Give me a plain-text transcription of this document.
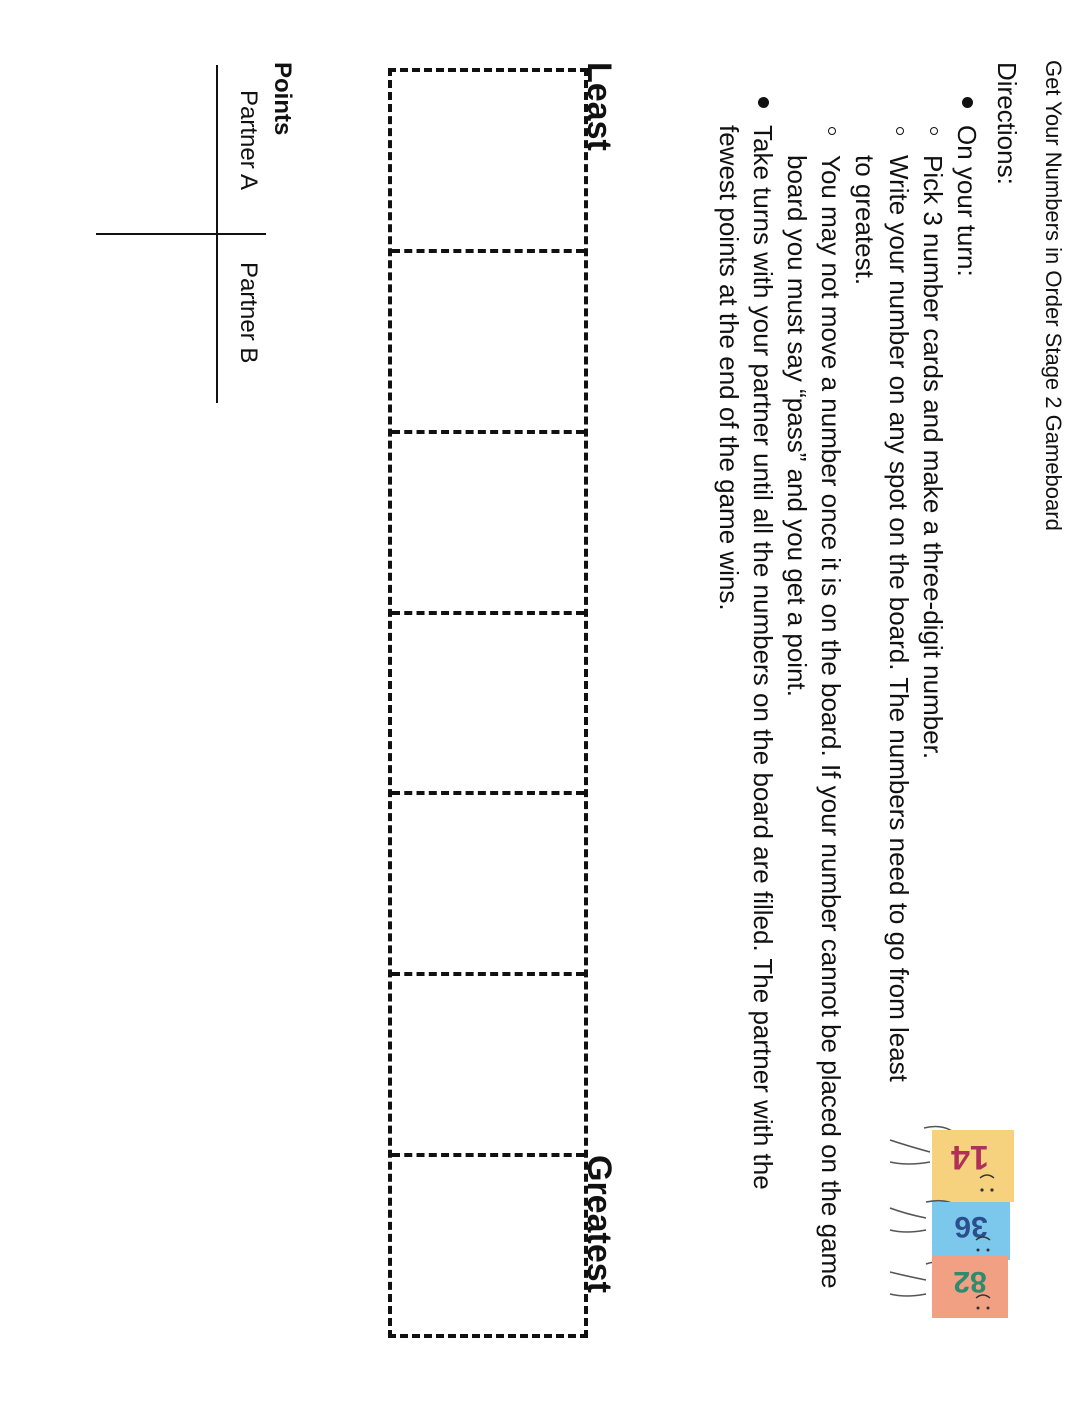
Get Your Numbers in Order Stage 2 Gameboard
Directions:
On your turn:
Pick 3 number cards and make a three-digit number.
Write your number on any spot on the board. The numbers need to go from least to greatest.
You may not move a number once it is on the board. If your number cannot be placed on the game board you must say “pass” and you get a point.
Take turns with your partner until all the numbers on the board are filled. The partner with the fewest points at the end of the game wins.
14
36
82
Least
Greatest
Points
Partner A
Partner B
